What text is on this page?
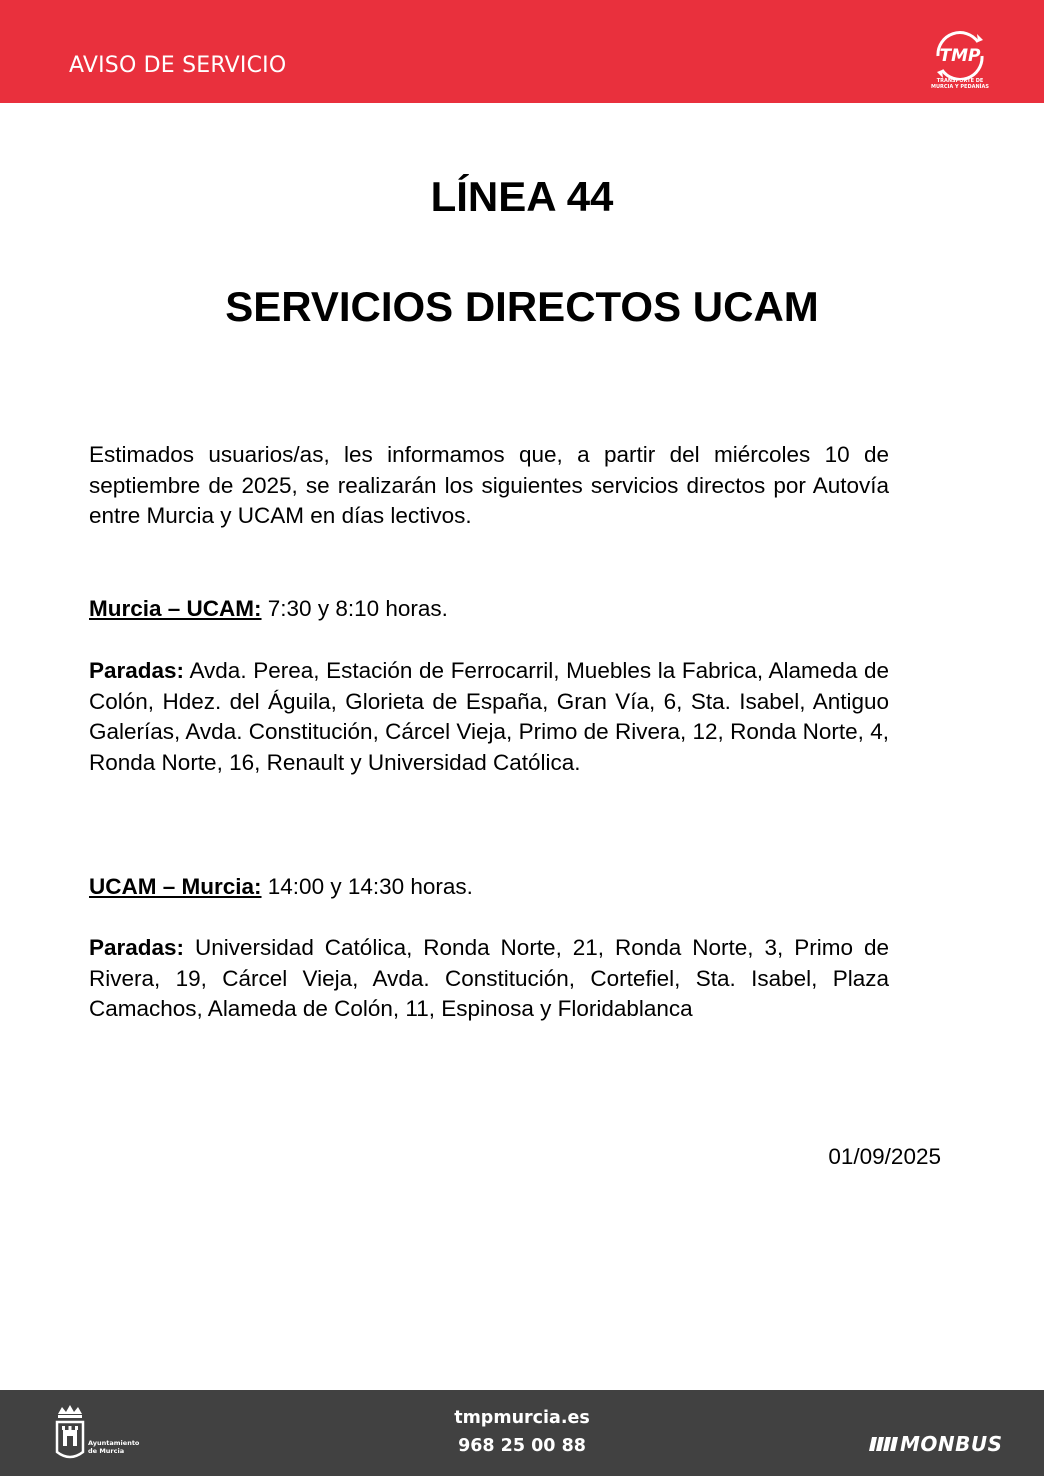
AVISO DE SERVICIO	TMP
TRANSPORTE DE
MURCIA Y PEDANÍAS
LÍNEA 44
SERVICIOS DIRECTOS UCAM
Estimados usuarios/as, les informamos que, a partir del miércoles 10 de septiembre de 2025, se realizarán los siguientes servicios directos por Autovía entre Murcia y UCAM en días lectivos.
Murcia – UCAM: 7:30 y 8:10 horas.
Paradas: Avda. Perea, Estación de Ferrocarril, Muebles la Fabrica, Alameda de Colón, Hdez. del Águila, Glorieta de España, Gran Vía, 6, Sta. Isabel, Antiguo Galerías, Avda. Constitución, Cárcel Vieja, Primo de Rivera, 12, Ronda Norte, 4, Ronda Norte, 16, Renault y Universidad Católica.
UCAM – Murcia: 14:00 y 14:30 horas.
Paradas: Universidad Católica, Ronda Norte, 21, Ronda Norte, 3, Primo de Rivera, 19, Cárcel Vieja, Avda. Constitución, Cortefiel, Sta. Isabel, Plaza Camachos, Alameda de Colón, 11, Espinosa y Floridablanca
01/09/2025
Ayuntamiento
de Murcia
tmpmurcia.es
968 25 00 88	MONBUS
